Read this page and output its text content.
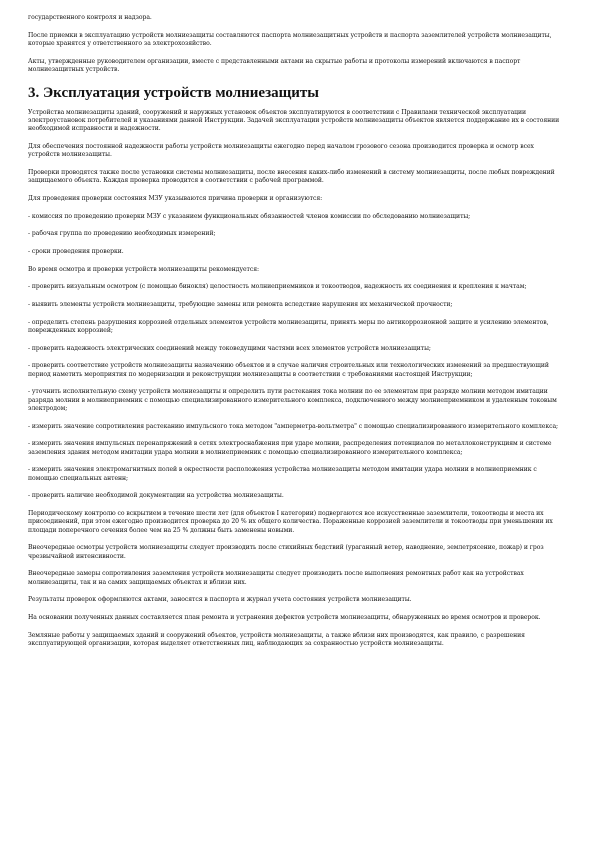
государственного контроля и надзора.

После приемки в эксплуатацию устройств молниезащиты составляются паспорта молниезащитных устройств и паспорта заземлителей устройств молниезащиты, которые хранятся у ответственного за электрохозяйство.

Акты, утвержденные руководителем организации, вместе с представленными актами на скрытые работы и протоколы измерений включаются в паспорт молниезащитных устройств.

3. Эксплуатация устройств молниезащиты

Устройства молниезащиты зданий, сооружений и наружных установок объектов эксплуатируются в соответствии с Правилами технической эксплуатации электроустановок потребителей и указаниями данной Инструкции. Задачей эксплуатации устройств молниезащиты объектов является поддержание их в состоянии необходимой исправности и надежности.

Для обеспечения постоянной надежности работы устройств молниезащиты ежегодно перед началом грозового сезона производится проверка и осмотр всех устройств молниезащиты.

Проверки проводятся также после установки системы молниезащиты, после внесения каких-либо изменений в систему молниезащиты, после любых повреждений защищаемого объекта. Каждая проверка проводится в соответствии с рабочей программой.

Для проведения проверки состояния МЗУ указываются причина проверки и организуются:

- комиссия по проведению проверки МЗУ с указанием функциональных обязанностей членов комиссии по обследованию молниезащиты;

- рабочая группа по проведению необходимых измерений;

- сроки проведения проверки.

Во время осмотра и проверки устройств молниезащиты рекомендуется:

- проверить визуальным осмотром (с помощью бинокля) целостность молниеприемников и токоотводов, надежность их соединения и крепления к мачтам;

- выявить элементы устройств молниезащиты, требующие замены или ремонта вследствие нарушения их механической прочности;

- определить степень разрушения коррозией отдельных элементов устройств молниезащиты, принять меры по антикоррозионной защите и усилению элементов, поврежденных коррозией;

- проверить надежность электрических соединений между токоведущими частями всех элементов устройств молниезащиты;

- проверить соответствие устройств молниезащиты назначению объектов и в случае наличия строительных или технологических изменений за предшествующий период наметить мероприятия по модернизации и реконструкции молниезащиты в соответствии с требованиями настоящей Инструкции;

- уточнить исполнительную схему устройств молниезащиты и определить пути растекания тока молнии по ее элементам при разряде молнии методом имитации разряда молнии в молниеприемник с помощью специализированного измерительного комплекса, подключенного между молниеприемником и удаленным токовым электродом;

- измерить значение сопротивления растеканию импульсного тока методом "амперметра-вольтметра" с помощью специализированного измерительного комплекса;

- измерить значения импульсных перенапряжений в сетях электроснабжения при ударе молнии, распределения потенциалов по металлоконструкциям и системе заземления здания методом имитации удара молнии в молниеприемник с помощью специализированного измерительного комплекса;

- измерить значения электромагнитных полей в окрестности расположения устройства молниезащиты методом имитации удара молнии в молниеприемник с помощью специальных антенн;

- проверить наличие необходимой документации на устройства молниезащиты.

Периодическому контролю со вскрытием в течение шести лет (для объектов I категории) подвергаются все искусственные заземлители, токоотводы и места их присоединений, при этом ежегодно производится проверка до 20 % их общего количества. Пораженные коррозией заземлители и токоотводы при уменьшении их площади поперечного сечения более чем на 25 % должны быть заменены новыми.

Внеочередные осмотры устройств молниезащиты следует производить после стихийных бедствий (ураганный ветер, наводнение, землетрясение, пожар) и гроз чрезвычайной интенсивности.

Внеочередные замеры сопротивления заземления устройств молниезащиты следует производить после выполнения ремонтных работ как на устройствах молниезащиты, так и на самих защищаемых объектах и вблизи них.

Результаты проверок оформляются актами, заносятся в паспорта и журнал учета состояния устройств молниезащиты.

На основании полученных данных составляется план ремонта и устранения дефектов устройств молниезащиты, обнаруженных во время осмотров и проверок.

Земляные работы у защищаемых зданий и сооружений объектов, устройств молниезащиты, а также вблизи них производятся, как правило, с разрешения эксплуатирующей организации, которая выделяет ответственных лиц, наблюдающих за сохранностью устройств молниезащиты.
